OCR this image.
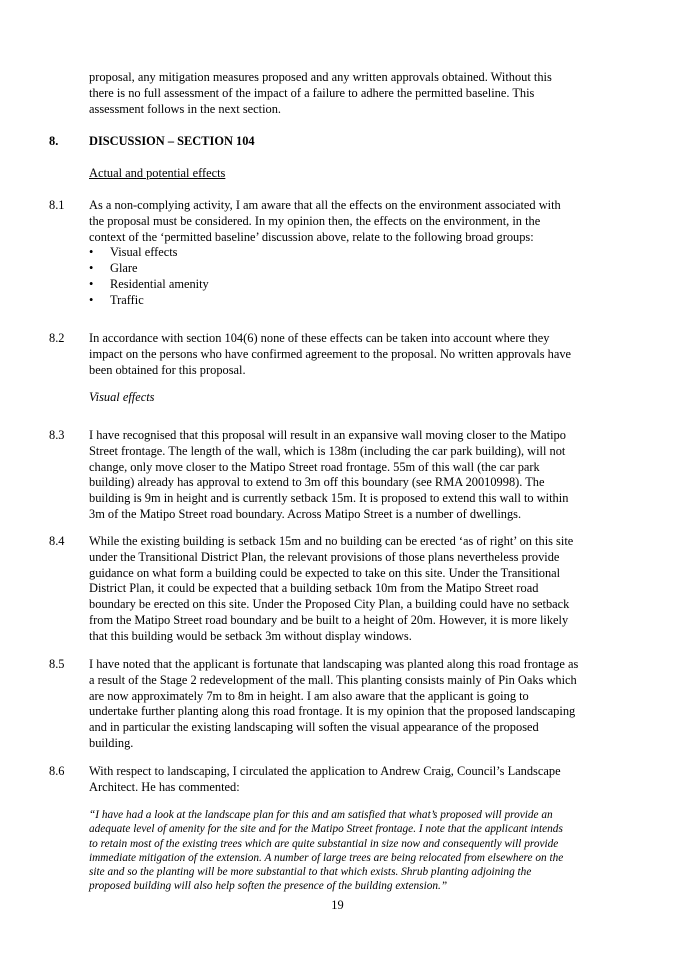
proposal, any mitigation measures proposed and any written approvals obtained. Without this

there is no full assessment of the impact of a failure to adhere the permitted baseline. This

assessment follows in the next section.

8. DISCUSSION – SECTION 104
Actual and potential effects
8.1 As a non-complying activity, I am aware that all the effects on the environment associated with

the proposal must be considered. In my opinion then, the effects on the environment, in the

context of the ‘permitted baseline’ discussion above, relate to the following broad groups:

• Visual effects
• Glare
• Residential amenity
• Traffic
8.2 In accordance with section 104(6) none of these effects can be taken into account where they

impact on the persons who have confirmed agreement to the proposal. No written approvals have

been obtained for this proposal.

Visual effects
8.3 I have recognised that this proposal will result in an expansive wall moving closer to the Matipo

Street frontage. The length of the wall, which is 138m (including the car park building), will not

change, only move closer to the Matipo Street road frontage. 55m of this wall (the car park

building) already has approval to extend to 3m off this boundary (see RMA 20010998). The

building is 9m in height and is currently setback 15m. It is proposed to extend this wall to within

3m of the Matipo Street road boundary. Across Matipo Street is a number of dwellings.

8.4 While the existing building is setback 15m and no building can be erected ‘as of right’ on this site

under the Transitional District Plan, the relevant provisions of those plans nevertheless provide

guidance on what form a building could be expected to take on this site. Under the Transitional

District Plan, it could be expected that a building setback 10m from the Matipo Street road

boundary be erected on this site. Under the Proposed City Plan, a building could have no setback

from the Matipo Street road boundary and be built to a height of 20m. However, it is more likely

that this building would be setback 3m without display windows.

8.5 I have noted that the applicant is fortunate that landscaping was planted along this road frontage as

a result of the Stage 2 redevelopment of the mall. This planting consists mainly of Pin Oaks which

are now approximately 7m to 8m in height. I am also aware that the applicant is going to

undertake further planting along this road frontage. It is my opinion that the proposed landscaping

and in particular the existing landscaping will soften the visual appearance of the proposed

building.

8.6 With respect to landscaping, I circulated the application to Andrew Craig, Council’s Landscape

Architect. He has commented:

“I have had a look at the landscape plan for this and am satisfied that what’s proposed will provide an

adequate level of amenity for the site and for the Matipo Street frontage. I note that the applicant intends

to retain most of the existing trees which are quite substantial in size now and consequently will provide

immediate mitigation of the extension. A number of large trees are being relocated from elsewhere on the

site and so the planting will be more substantial to that which exists. Shrub planting adjoining the

proposed building will also help soften the presence of the building extension.”

19
